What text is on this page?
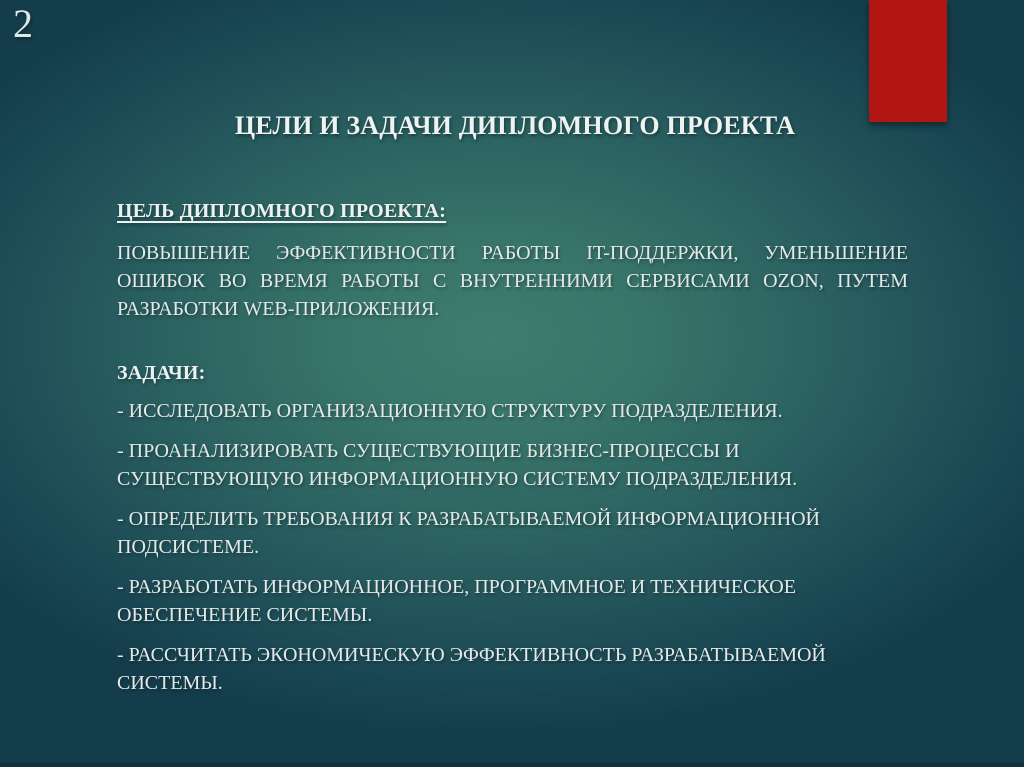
2
ЦЕЛИ И ЗАДАЧИ ДИПЛОМНОГО ПРОЕКТА
ЦЕЛЬ ДИПЛОМНОГО ПРОЕКТА:

ПОВЫШЕНИЕ ЭФФЕКТИВНОСТИ РАБОТЫ IT-ПОДДЕРЖКИ, УМЕНЬШЕНИЕ ОШИБОК ВО ВРЕМЯ РАБОТЫ С ВНУТРЕННИМИ СЕРВИСАМИ OZON, ПУТЕМ РАЗРАБОТКИ WEB-ПРИЛОЖЕНИЯ.

ЗАДАЧИ:

- ИССЛЕДОВАТЬ ОРГАНИЗАЦИОННУЮ СТРУКТУРУ ПОДРАЗДЕЛЕНИЯ.

- ПРОАНАЛИЗИРОВАТЬ СУЩЕСТВУЮЩИЕ БИЗНЕС-ПРОЦЕССЫ И СУЩЕСТВУЮЩУЮ ИНФОРМАЦИОННУЮ СИСТЕМУ ПОДРАЗДЕЛЕНИЯ.

- ОПРЕДЕЛИТЬ ТРЕБОВАНИЯ К РАЗРАБАТЫВАЕМОЙ ИНФОРМАЦИОННОЙ ПОДСИСТЕМЕ.

- РАЗРАБОТАТЬ ИНФОРМАЦИОННОЕ, ПРОГРАММНОЕ И ТЕХНИЧЕСКОЕ ОБЕСПЕЧЕНИЕ СИСТЕМЫ.

- РАССЧИТАТЬ ЭКОНОМИЧЕСКУЮ ЭФФЕКТИВНОСТЬ РАЗРАБАТЫВАЕМОЙ СИСТЕМЫ.
